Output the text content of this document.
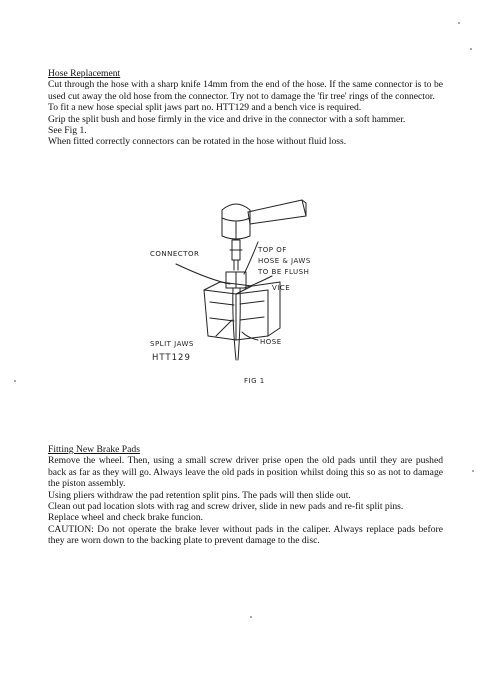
Hose Replacement

Cut through the hose with a sharp knife 14mm from the end of the hose. If the same connector is to be used cut away the old hose from the connector. Try not to damage the 'fir tree' rings of the connector.

To fit a new hose special split jaws part no. HTT129 and a bench vice is required.

Grip the split bush and hose firmly in the vice and drive in the connector with a soft hammer.

See Fig 1.

When fitted correctly connectors can be rotated in the hose without fluid loss.

CONNECTOR	TOP OF
HOSE & JAWS
TO BE FLUSH
VICE
SPLIT JAWS	HOSE
HTT129
FIG 1
Fitting New Brake Pads

Remove the wheel. Then, using a small screw driver prise open the old pads until they are pushed back as far as they will go. Always leave the old pads in position whilst doing this so as not to damage the piston assembly.

Using pliers withdraw the pad retention split pins. The pads will then slide out.

Clean out pad location slots with rag and screw driver, slide in new pads and re-fit split pins.

Replace wheel and check brake funcion.

CAUTION: Do not operate the brake lever without pads in the caliper. Always replace pads before they are worn down to the backing plate to prevent damage to the disc.
